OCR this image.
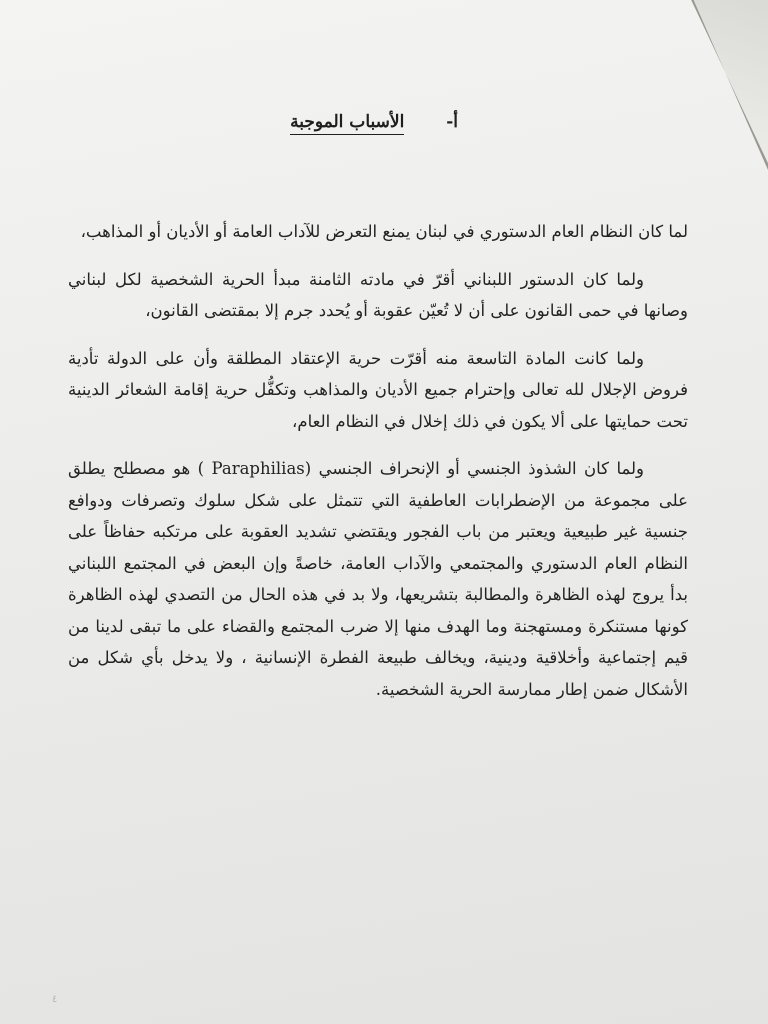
أ- الأسباب الموجبة

لما كان النظام العام الدستوري في لبنان يمنع التعرض للآداب العامة أو الأديان أو المذاهب،

ولما كان الدستور اللبناني أقرّ في مادته الثامنة مبدأ الحرية الشخصية لكل لبناني وصانها في حمى القانون على أن لا تُعيّن عقوبة أو يُحدد جرم إلا بمقتضى القانون،

ولما كانت المادة التاسعة منه أقرّت حرية الإعتقاد المطلقة وأن على الدولة تأدية فروض الإجلال لله تعالى وإحترام جميع الأديان والمذاهب وتكفُّل حرية إقامة الشعائر الدينية تحت حمايتها على ألا يكون في ذلك إخلال في النظام العام،

ولما كان الشذوذ الجنسي أو الإنحراف الجنسي ( Paraphilias) هو مصطلح يطلق على مجموعة من الإضطرابات العاطفية التي تتمثل على شكل سلوك وتصرفات ودوافع جنسية غير طبيعية ويعتبر من باب الفجور ويقتضي تشديد العقوبة على مرتكبه حفاظاً على النظام العام الدستوري والمجتمعي والآداب العامة، خاصةً وإن البعض في المجتمع اللبناني بدأ يروج لهذه الظاهرة والمطالبة بتشريعها، ولا بد في هذه الحال من التصدي لهذه الظاهرة كونها مستنكرة ومستهجنة وما الهدف منها إلا ضرب المجتمع والقضاء على ما تبقى لدينا من قيم إجتماعية وأخلاقية ودينية، ويخالف طبيعة الفطرة الإنسانية ، ولا يدخل بأي شكل من الأشكال ضمن إطار ممارسة الحرية الشخصية.

٤
